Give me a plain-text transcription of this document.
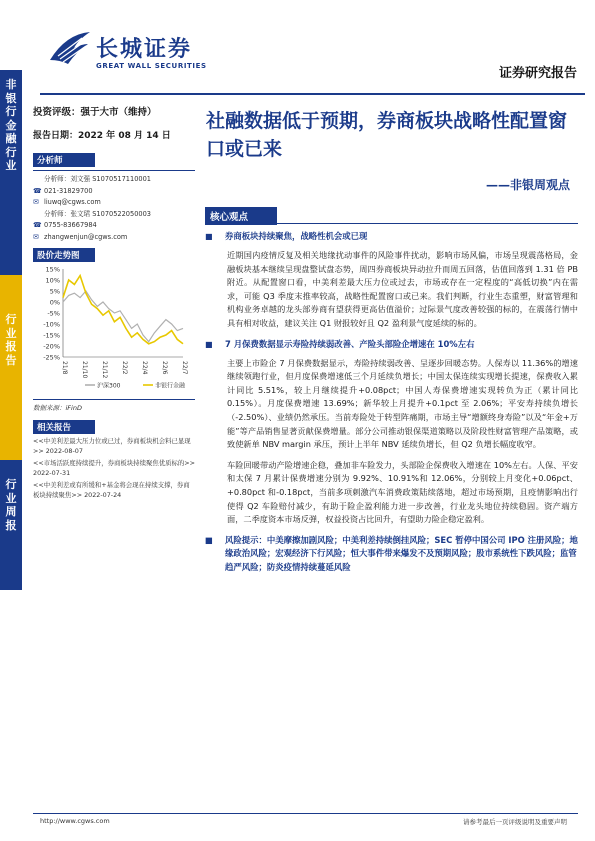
非银行金融行业
行业报告
行业周报
长城证券
GREAT WALL SECURITIES	证券研究报告
投资评级：强于大市（维持）
报告日期：2022 年 08 月 14 日
分析师
分析师：刘文强 S1070517110001
☎ 021-31829700
✉ liuwq@cgws.com
分析师：张文珺 S1070522050003
☎ 0755-83667984
✉ zhangwenjun@cgws.com
股价走势图
15%
10%
5%
0%
-5%
-10%
-15%
-20%
-25%
21/8 21/10 21/12 22/2 22/4 22/6 22/7
沪深300	非银行金融
数据来源：iFinD
相关报告
<<中美利差最大压力位或已过，券商板块机会料已显现>> 2022-08-07
<<市场活跃度持续提升，券商板块持续聚焦优质标的>> 2022-07-31
<<中美利差或有所缓和+基金将会现在持续支撑，券商板块持续聚焦>> 2022-07-24
社融数据低于预期，券商板块战略性配置窗口或已来
——非银周观点
核心观点
■	券商板块持续聚焦，战略性机会或已现
近期国内疫情反复及相关地缘扰动事件的风险事件扰动，影响市场风偏，市场呈现震荡格局，金融板块基本继续呈现盘整试盘态势，周四券商板块异动拉升而周五回落，估值回落到 1.31 倍 PB 附近。从配置窗口看，中美利差最大压力位或过去，市场或存在一定程度的“高低切换”内在需求，可能 Q3 季度末推率较高，战略性配置窗口或已来。我们判断，行业生态重塑，财富管理和机构业务卓越的龙头部券商有望获得更高估值溢价；过际景气度改善较强的标的，在震荡行情中具有相对收益，建议关注 Q1 财报较好且 Q2 盈利景气度延续的标的。
■	7 月保费数据显示寿险持续弱改善、产险头部险企增速在 10%左右
主要上市险企 7 月保费数据显示，寿险持续弱改善、呈逐步回暖态势。人保寿以 11.36%的增速继续领跑行业，但月度保费增速低三个月延续负增长；中国太保连续实现增长提速，保费收入累计同比 5.51%，较上月继续提升+0.08pct；中国人寿保费增速实现转负为正（累计同比 0.15%）。月度保费增速 13.69%；新华较上月提升+0.1pct 至 2.06%；平安寿持续负增长（-2.50%）、业绩仍然承压。当前寿险处于转型阵痛期，市场主导“增额终身寿险”以及“年金+万能”等产品销售显著贡献保费增量。部分公司推动银保渠道策略以及阶段性财富管理产品策略，或致使新单 NBV margin 承压，预计上半年 NBV 延续负增长，但 Q2 负增长幅度收窄。
车险回暖带动产险增速企稳，叠加非车险发力，头部险企保费收入增速在 10%左右。人保、平安和太保 7 月累计保费增速分别为 9.92%、10.91%和 12.06%，分别较上月变化+0.06pct、+0.80pct 和-0.18pct，当前多项刺激汽车消费政策陆续落地，超过市场预期，且疫情影响出行使得 Q2 车险赔付减少，有助于险企盈利能力进一步改善，行业龙头地位持续稳固。资产端方面，二季度资本市场反弹，权益投资占比回升，有望助力险企稳定盈利。
■	风险提示：中美摩擦加剧风险；中美利差持续倒挂风险；SEC 暂停中国公司 IPO 注册风险；地缘政治风险；宏观经济下行风险；恒大事件带来爆发不及预期风险；股市系统性下跌风险；监管趋严风险；防炎疫情持续蔓延风险
http://www.cgws.com	请参考最后一页评级说明及重要声明
